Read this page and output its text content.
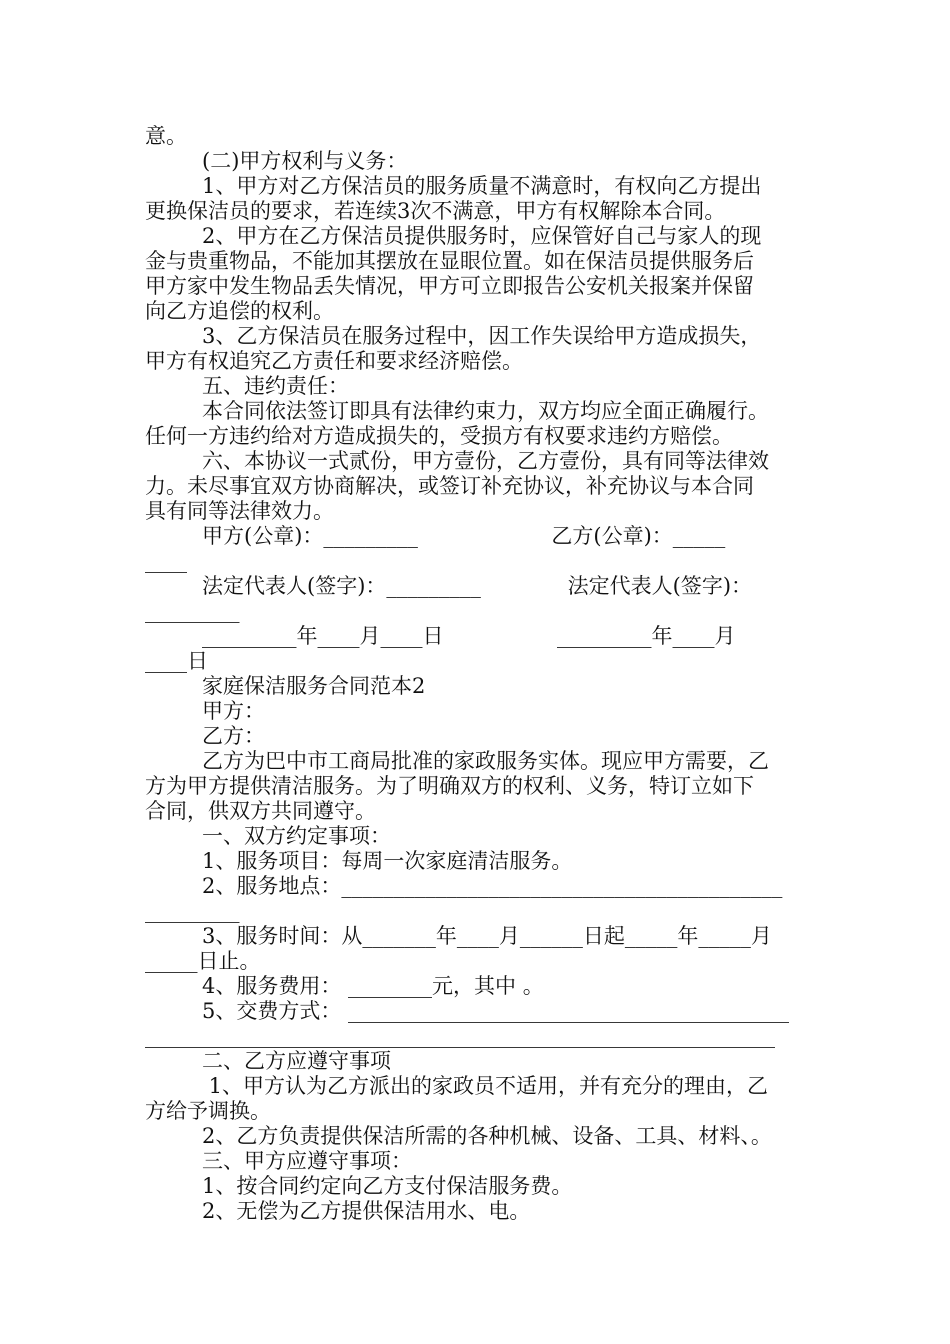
意。
(二)甲方权利与义务：
1、甲方对乙方保洁员的服务质量不满意时，有权向乙方提出
更换保洁员的要求，若连续3次不满意，甲方有权解除本合同。
2、甲方在乙方保洁员提供服务时，应保管好自己与家人的现
金与贵重物品，不能加其摆放在显眼位置。如在保洁员提供服务后
甲方家中发生物品丢失情况，甲方可立即报告公安机关报案并保留
向乙方追偿的权利。
3、乙方保洁员在服务过程中，因工作失误给甲方造成损失，
甲方有权追究乙方责任和要求经济赔偿。
五、违约责任：
本合同依法签订即具有法律约束力，双方均应全面正确履行。
任何一方违约给对方造成损失的，受损方有权要求违约方赔偿。
六、本协议一式贰份，甲方壹份，乙方壹份，具有同等法律效
力。未尽事宜双方协商解决，或签订补充协议，补充协议与本合同
具有同等法律效力。
甲方(公章)：_________                    乙方(公章)：_____
____
法定代表人(签字)：_________             法定代表人(签字)：
_________
_________年____月____日                 _________年____月
____日
家庭保洁服务合同范本2
甲方：
乙方：
乙方为巴中市工商局批准的家政服务实体。现应甲方需要，乙
方为甲方提供清洁服务。为了明确双方的权利、义务，特订立如下
合同，供双方共同遵守。
一、双方约定事项：
1、服务项目：每周一次家庭清洁服务。
2、服务地点：__________________________________________
_________
3、服务时间：从_______年____月______日起_____年_____月
_____日止。
4、服务费用： ________元，其中 。
5、交费方式： __________________________________________
____________________________________________________________
二、乙方应遵守事项
1、甲方认为乙方派出的家政员不适用，并有充分的理由，乙
方给予调换。
2、乙方负责提供保洁所需的各种机械、设备、工具、材料、。
三、甲方应遵守事项：
1、按合同约定向乙方支付保洁服务费。
2、无偿为乙方提供保洁用水、电。
